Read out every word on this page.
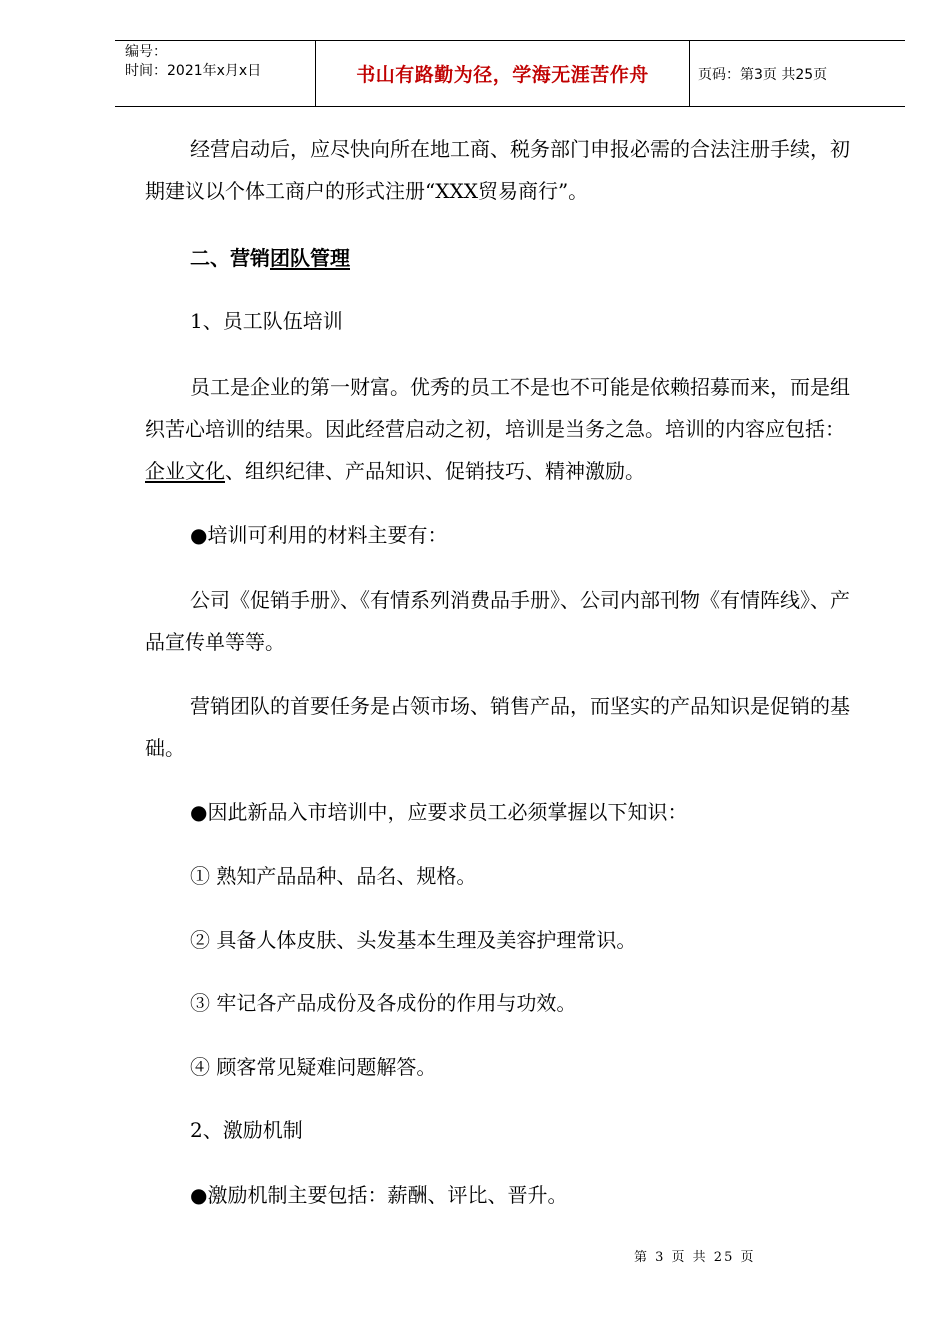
编号：
时间：2021年x月x日	书山有路勤为径，学海无涯苦作舟	页码：第3页 共25页

经营启动后，应尽快向所在地工商、税务部门申报必需的合法注册手续，初期建议以个体工商户的形式注册“XXX贸易商行”。

二、营销团队管理
1、员工队伍培训

员工是企业的第一财富。优秀的员工不是也不可能是依赖招募而来，而是组织苦心培训的结果。因此经营启动之初，培训是当务之急。培训的内容应包括：企业文化、组织纪律、产品知识、促销技巧、精神激励。

●培训可利用的材料主要有：

公司《促销手册》、《有情系列消费品手册》、公司内部刊物《有情阵线》、产品宣传单等等。

营销团队的首要任务是占领市场、销售产品，而坚实的产品知识是促销的基础。

●因此新品入市培训中，应要求员工必须掌握以下知识：
① 熟知产品品种、品名、规格。
② 具备人体皮肤、头发基本生理及美容护理常识。
③ 牢记各产品成份及各成份的作用与功效。
④ 顾客常见疑难问题解答。
2、激励机制
●激励机制主要包括：薪酬、评比、晋升。
第 3 页 共 25 页
